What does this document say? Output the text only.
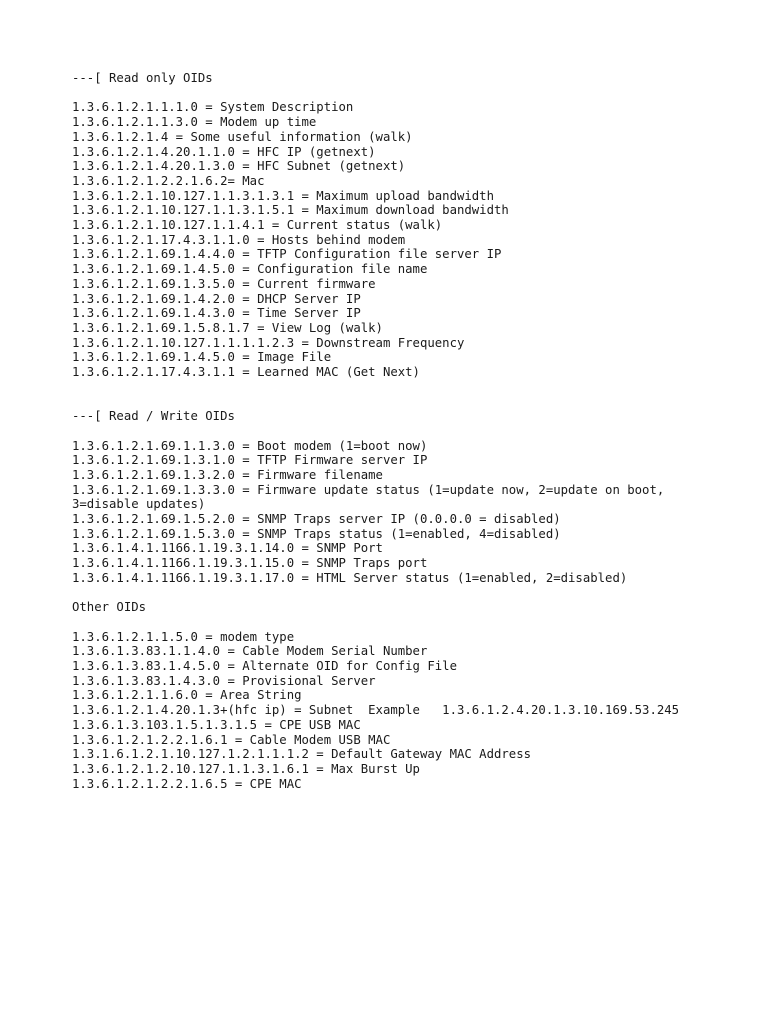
---[ Read only OIDs
1.3.6.1.2.1.1.1.0 = System Description
1.3.6.1.2.1.1.3.0 = Modem up time
1.3.6.1.2.1.4 = Some useful information (walk)
1.3.6.1.2.1.4.20.1.1.0 = HFC IP (getnext)
1.3.6.1.2.1.4.20.1.3.0 = HFC Subnet (getnext)
1.3.6.1.2.1.2.2.1.6.2= Mac
1.3.6.1.2.1.10.127.1.1.3.1.3.1 = Maximum upload bandwidth
1.3.6.1.2.1.10.127.1.1.3.1.5.1 = Maximum download bandwidth
1.3.6.1.2.1.10.127.1.1.4.1 = Current status (walk)
1.3.6.1.2.1.17.4.3.1.1.0 = Hosts behind modem
1.3.6.1.2.1.69.1.4.4.0 = TFTP Configuration file server IP
1.3.6.1.2.1.69.1.4.5.0 = Configuration file name
1.3.6.1.2.1.69.1.3.5.0 = Current firmware
1.3.6.1.2.1.69.1.4.2.0 = DHCP Server IP
1.3.6.1.2.1.69.1.4.3.0 = Time Server IP
1.3.6.1.2.1.69.1.5.8.1.7 = View Log (walk)
1.3.6.1.2.1.10.127.1.1.1.1.2.3 = Downstream Frequency
1.3.6.1.2.1.69.1.4.5.0 = Image File
1.3.6.1.2.1.17.4.3.1.1 = Learned MAC (Get Next)
---[ Read / Write OIDs
1.3.6.1.2.1.69.1.1.3.0 = Boot modem (1=boot now)
1.3.6.1.2.1.69.1.3.1.0 = TFTP Firmware server IP
1.3.6.1.2.1.69.1.3.2.0 = Firmware filename
1.3.6.1.2.1.69.1.3.3.0 = Firmware update status (1=update now, 2=update on boot,
3=disable updates)
1.3.6.1.2.1.69.1.5.2.0 = SNMP Traps server IP (0.0.0.0 = disabled)
1.3.6.1.2.1.69.1.5.3.0 = SNMP Traps status (1=enabled, 4=disabled)
1.3.6.1.4.1.1166.1.19.3.1.14.0 = SNMP Port
1.3.6.1.4.1.1166.1.19.3.1.15.0 = SNMP Traps port
1.3.6.1.4.1.1166.1.19.3.1.17.0 = HTML Server status (1=enabled, 2=disabled)
Other OIDs
1.3.6.1.2.1.1.5.0 = modem type
1.3.6.1.3.83.1.1.4.0 = Cable Modem Serial Number
1.3.6.1.3.83.1.4.5.0 = Alternate OID for Config File
1.3.6.1.3.83.1.4.3.0 = Provisional Server
1.3.6.1.2.1.1.6.0 = Area String
1.3.6.1.2.1.4.20.1.3+(hfc ip) = Subnet  Example   1.3.6.1.2.4.20.1.3.10.169.53.245
1.3.6.1.3.103.1.5.1.3.1.5 = CPE USB MAC
1.3.6.1.2.1.2.2.1.6.1 = Cable Modem USB MAC
1.3.1.6.1.2.1.10.127.1.2.1.1.1.2 = Default Gateway MAC Address
1.3.6.1.2.1.2.10.127.1.1.3.1.6.1 = Max Burst Up
1.3.6.1.2.1.2.2.1.6.5 = CPE MAC
